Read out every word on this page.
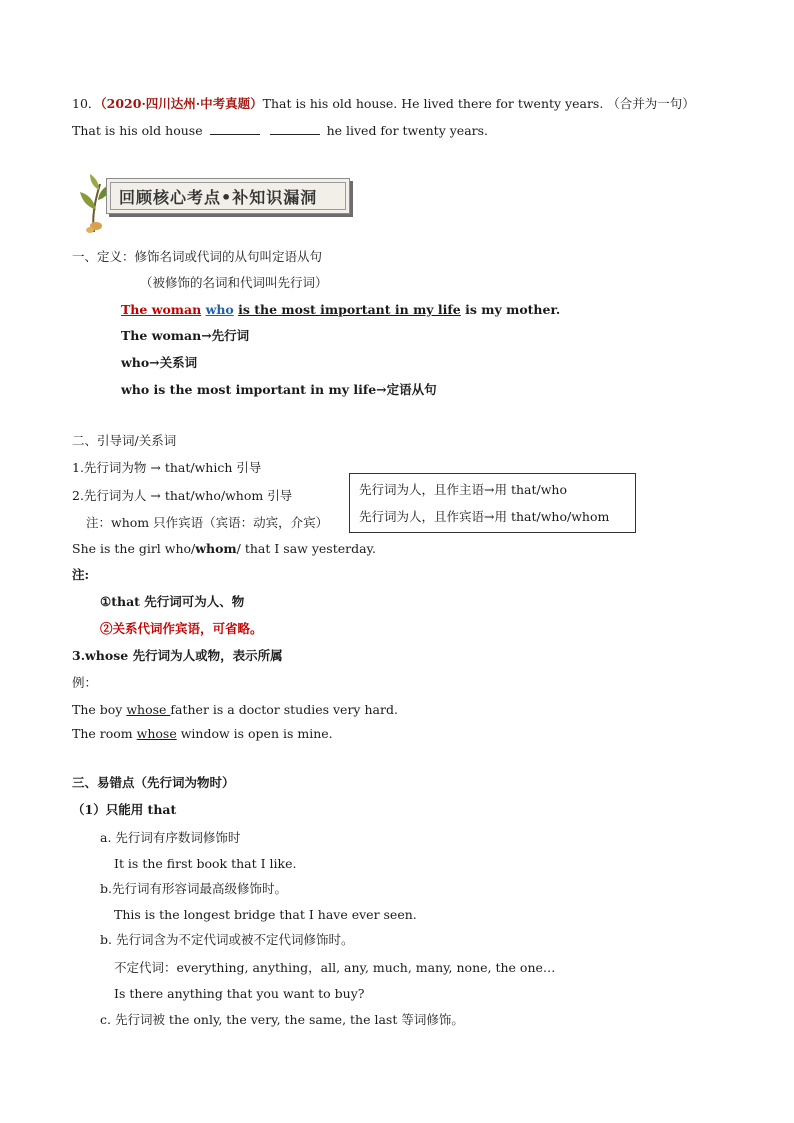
10．（2020·四川达州·中考真题）That is his old house. He lived there for twenty years. （合并为一句）
That is his old house	he lived for twenty years.
回顾核心考点•补知识漏洞
一、定义：修饰名词或代词的从句叫定语从句
（被修饰的名词和代词叫先行词）
The woman who is the most important in my life is my mother.
The woman→先行词
who→关系词
who is the most important in my life→定语从句
二、引导词/关系词
1.先行词为物 → that/which 引导
2.先行词为人 → that/who/whom 引导
注：whom 只作宾语（宾语：动宾，介宾）
She is the girl who/whom/ that I saw yesterday.
先行词为人，且作主语→用 that/who
先行词为人，且作宾语→用 that/who/whom
注:
①that 先行词可为人、物
②关系代词作宾语，可省略。
3.whose 先行词为人或物，表示所属
例：
The boy whose father is a doctor studies very hard.
The room whose window is open is mine.
三、易错点（先行词为物时）
（1）只能用 that
a. 先行词有序数词修饰时
It is the first book that I like.
b.先行词有形容词最高级修饰时。
This is the longest bridge that I have ever seen.
b. 先行词含为不定代词或被不定代词修饰时。
不定代词：everything, anything，all, any, much, many, none, the one…
Is there anything that you want to buy?
c. 先行词被 the only, the very, the same, the last 等词修饰。
